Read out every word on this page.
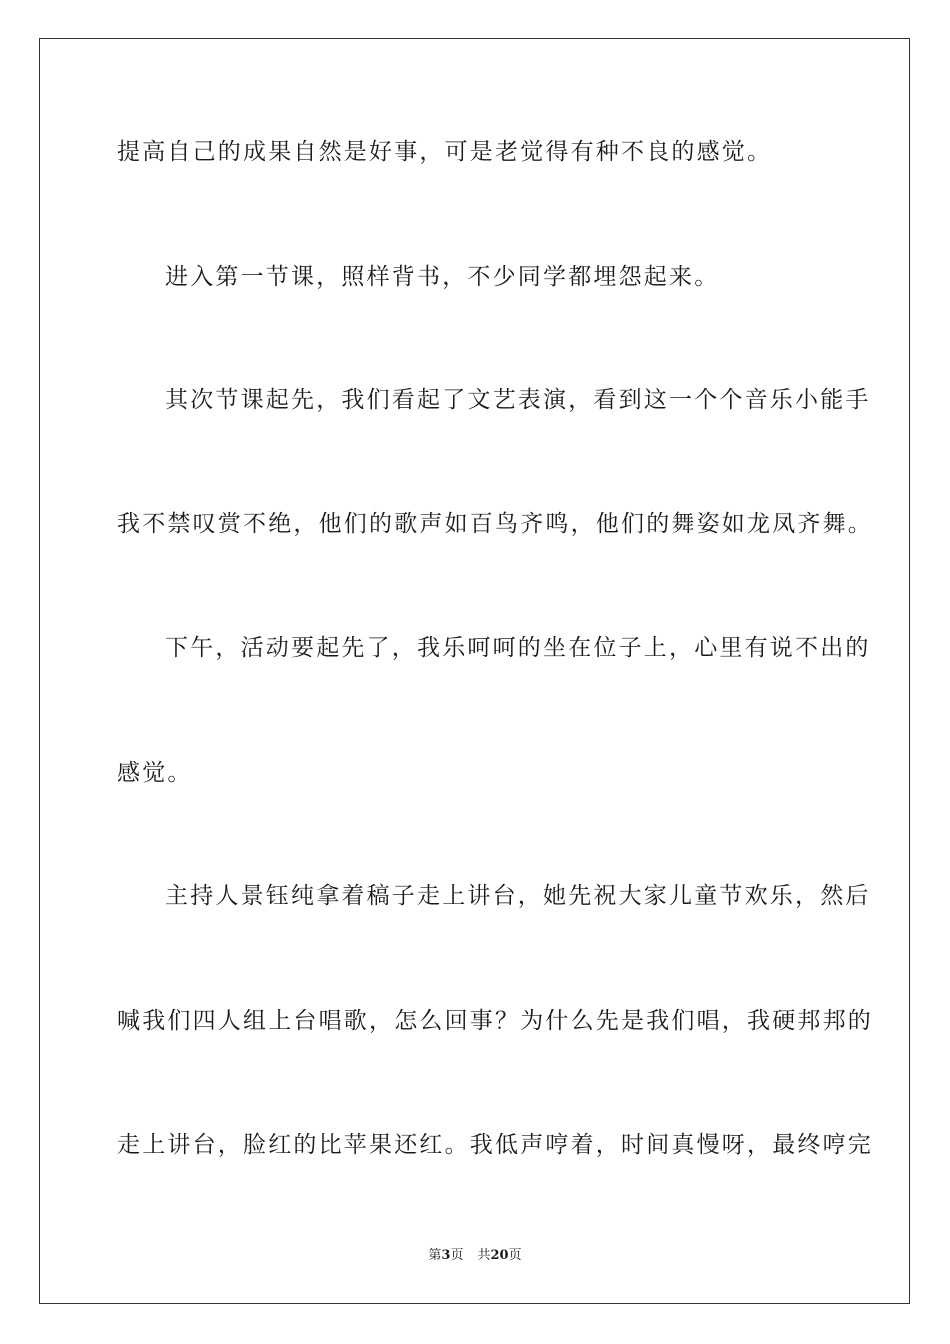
提高自己的成果自然是好事，可是老觉得有种不良的感觉。
进入第一节课，照样背书，不少同学都埋怨起来。
其次节课起先，我们看起了文艺表演，看到这一个个音乐小能手
我不禁叹赏不绝，他们的歌声如百鸟齐鸣，他们的舞姿如龙凤齐舞。
下午，活动要起先了，我乐呵呵的坐在位子上，心里有说不出的
感觉。
主持人景钰纯拿着稿子走上讲台，她先祝大家儿童节欢乐，然后
喊我们四人组上台唱歌，怎么回事？为什么先是我们唱，我硬邦邦的
走上讲台，脸红的比苹果还红。我低声哼着，时间真慢呀，最终哼完
第3页 共20页
